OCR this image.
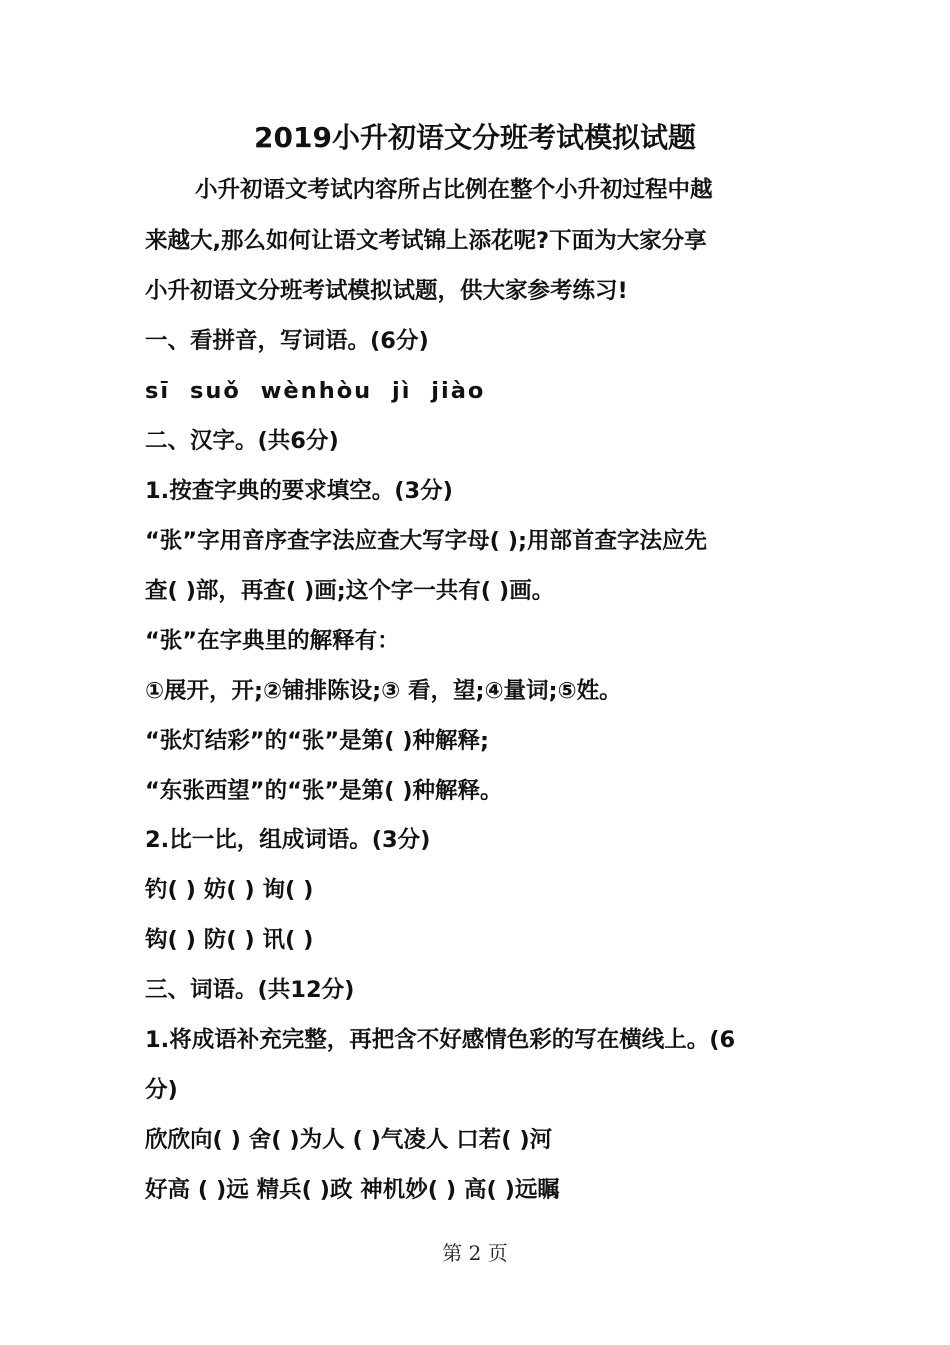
2019小升初语文分班考试模拟试题
小升初语文考试内容所占比例在整个小升初过程中越
来越大,那么如何让语文考试锦上添花呢?下面为大家分享
小升初语文分班考试模拟试题，供大家参考练习!
一、看拼音，写词语。(6分)
sī suǒ wènhòu jì jiào
二、汉字。(共6分)
1.按查字典的要求填空。(3分)
“张”字用音序查字法应查大写字母( );用部首查字法应先
查( )部，再查( )画;这个字一共有( )画。
“张”在字典里的解释有：
①展开，开;②铺排陈设;③ 看，望;④量词;⑤姓。
“张灯结彩”的“张”是第( )种解释;
“东张西望”的“张”是第( )种解释。
2.比一比，组成词语。(3分)
钓( ) 妨( ) 询( )
钩( ) 防( ) 讯( )
三、词语。(共12分)
1.将成语补充完整，再把含不好感情色彩的写在横线上。(6
分)
欣欣向( ) 舍( )为人 ( )气凌人 口若( )河
好高 ( )远 精兵( )政 神机妙( ) 高( )远瞩
第 2 页
